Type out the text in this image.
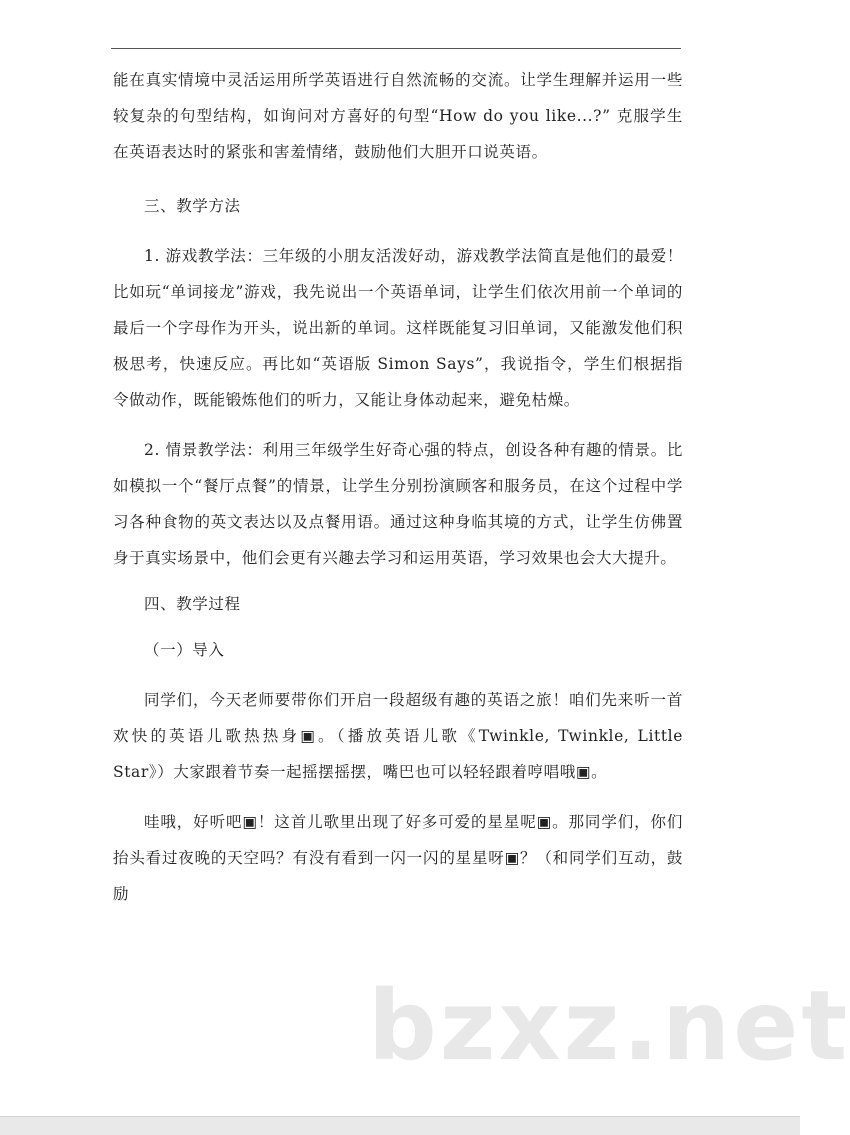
能在真实情境中灵活运用所学英语进行自然流畅的交流。让学生理解并运用一些较复杂的句型结构，如询问对方喜好的句型“How do you like...?” 克服学生在英语表达时的紧张和害羞情绪，鼓励他们大胆开口说英语。

三、教学方法

1. 游戏教学法：三年级的小朋友活泼好动，游戏教学法简直是他们的最爱！比如玩“单词接龙”游戏，我先说出一个英语单词，让学生们依次用前一个单词的最后一个字母作为开头，说出新的单词。这样既能复习旧单词，又能激发他们积极思考，快速反应。再比如“英语版 Simon Says”，我说指令，学生们根据指令做动作，既能锻炼他们的听力，又能让身体动起来，避免枯燥。

2. 情景教学法：利用三年级学生好奇心强的特点，创设各种有趣的情景。比如模拟一个“餐厅点餐”的情景，让学生分别扮演顾客和服务员，在这个过程中学习各种食物的英文表达以及点餐用语。通过这种身临其境的方式，让学生仿佛置身于真实场景中，他们会更有兴趣去学习和运用英语，学习效果也会大大提升。

四、教学过程

（一）导入

同学们，今天老师要带你们开启一段超级有趣的英语之旅！咱们先来听一首欢快的英语儿歌热热身▣。（播放英语儿歌《Twinkle, Twinkle, Little Star》）大家跟着节奏一起摇摆摇摆，嘴巴也可以轻轻跟着哼唱哦▣。

哇哦，好听吧▣！这首儿歌里出现了好多可爱的星星呢▣。那同学们，你们抬头看过夜晚的天空吗？有没有看到一闪一闪的星星呀▣？（和同学们互动，鼓励

bzxz.net
